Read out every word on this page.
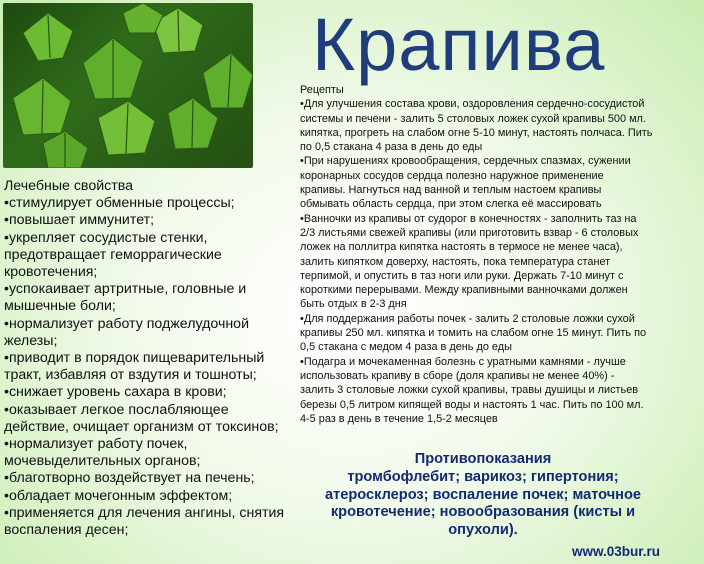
Крапива
Лечебные свойства
•стимулирует обменные процессы;
•повышает иммунитет;
•укрепляет сосудистые стенки,
предотвращает геморрагические
кровотечения;
•успокаивает артритные, головные и
мышечные боли;
•нормализует работу поджелудочной
железы;
•приводит в порядок пищеварительный
тракт, избавляя от вздутия и тошноты;
•снижает уровень сахара в крови;
•оказывает легкое послабляющее
действие, очищает организм от токсинов;
•нормализует работу почек,
мочевыделительных органов;
•благотворно воздействует на печень;
•обладает мочегонным эффектом;
•применяется для лечения ангины, снятия
воспаления десен;
Рецепты
•Для улучшения состава крови, оздоровления сердечно-сосудистой
системы и печени - залить 5 столовых ложек сухой крапивы 500 мл.
кипятка, прогреть на слабом огне 5-10 минут, настоять полчаса. Пить
по 0,5 стакана 4 раза в день до еды
•При нарушениях кровообращения, сердечных спазмах, сужении
коронарных сосудов сердца полезно наружное применение
крапивы. Нагнуться над ванной и теплым настоем крапивы
обмывать область сердца, при этом слегка её массировать
•Ванночки из крапивы от судорог в конечностях - заполнить таз на
2/3 листьями свежей крапивы (или приготовить взвар - 6 столовых
ложек на поллитра кипятка настоять в термосе не менее часа),
залить кипятком доверху, настоять, пока температура станет
терпимой, и опустить в таз ноги или руки. Держать 7-10 минут с
короткими перерывами. Между крапивными ванночками должен
быть отдых в 2-3 дня
•Для поддержания работы почек - залить 2 столовые ложки сухой
крапивы 250 мл. кипятка и томить на слабом огне 15 минут. Пить по
0,5 стакана с медом 4 раза в день до еды
•Подагра и мочекаменная болезнь с уратными камнями - лучше
использовать крапиву в сборе (доля крапивы не менее 40%) -
залить 3 столовые ложки сухой крапивы, травы душицы и листьев
березы 0,5 литром кипящей воды и настоять 1 час. Пить по 100 мл.
4-5 раз в день в течение 1,5-2 месяцев
Противопоказания
тромбофлебит; варикоз; гипертония;
атеросклероз; воспаление почек; маточное
кровотечение; новообразования (кисты и
опухоли).
www.03bur.ru
